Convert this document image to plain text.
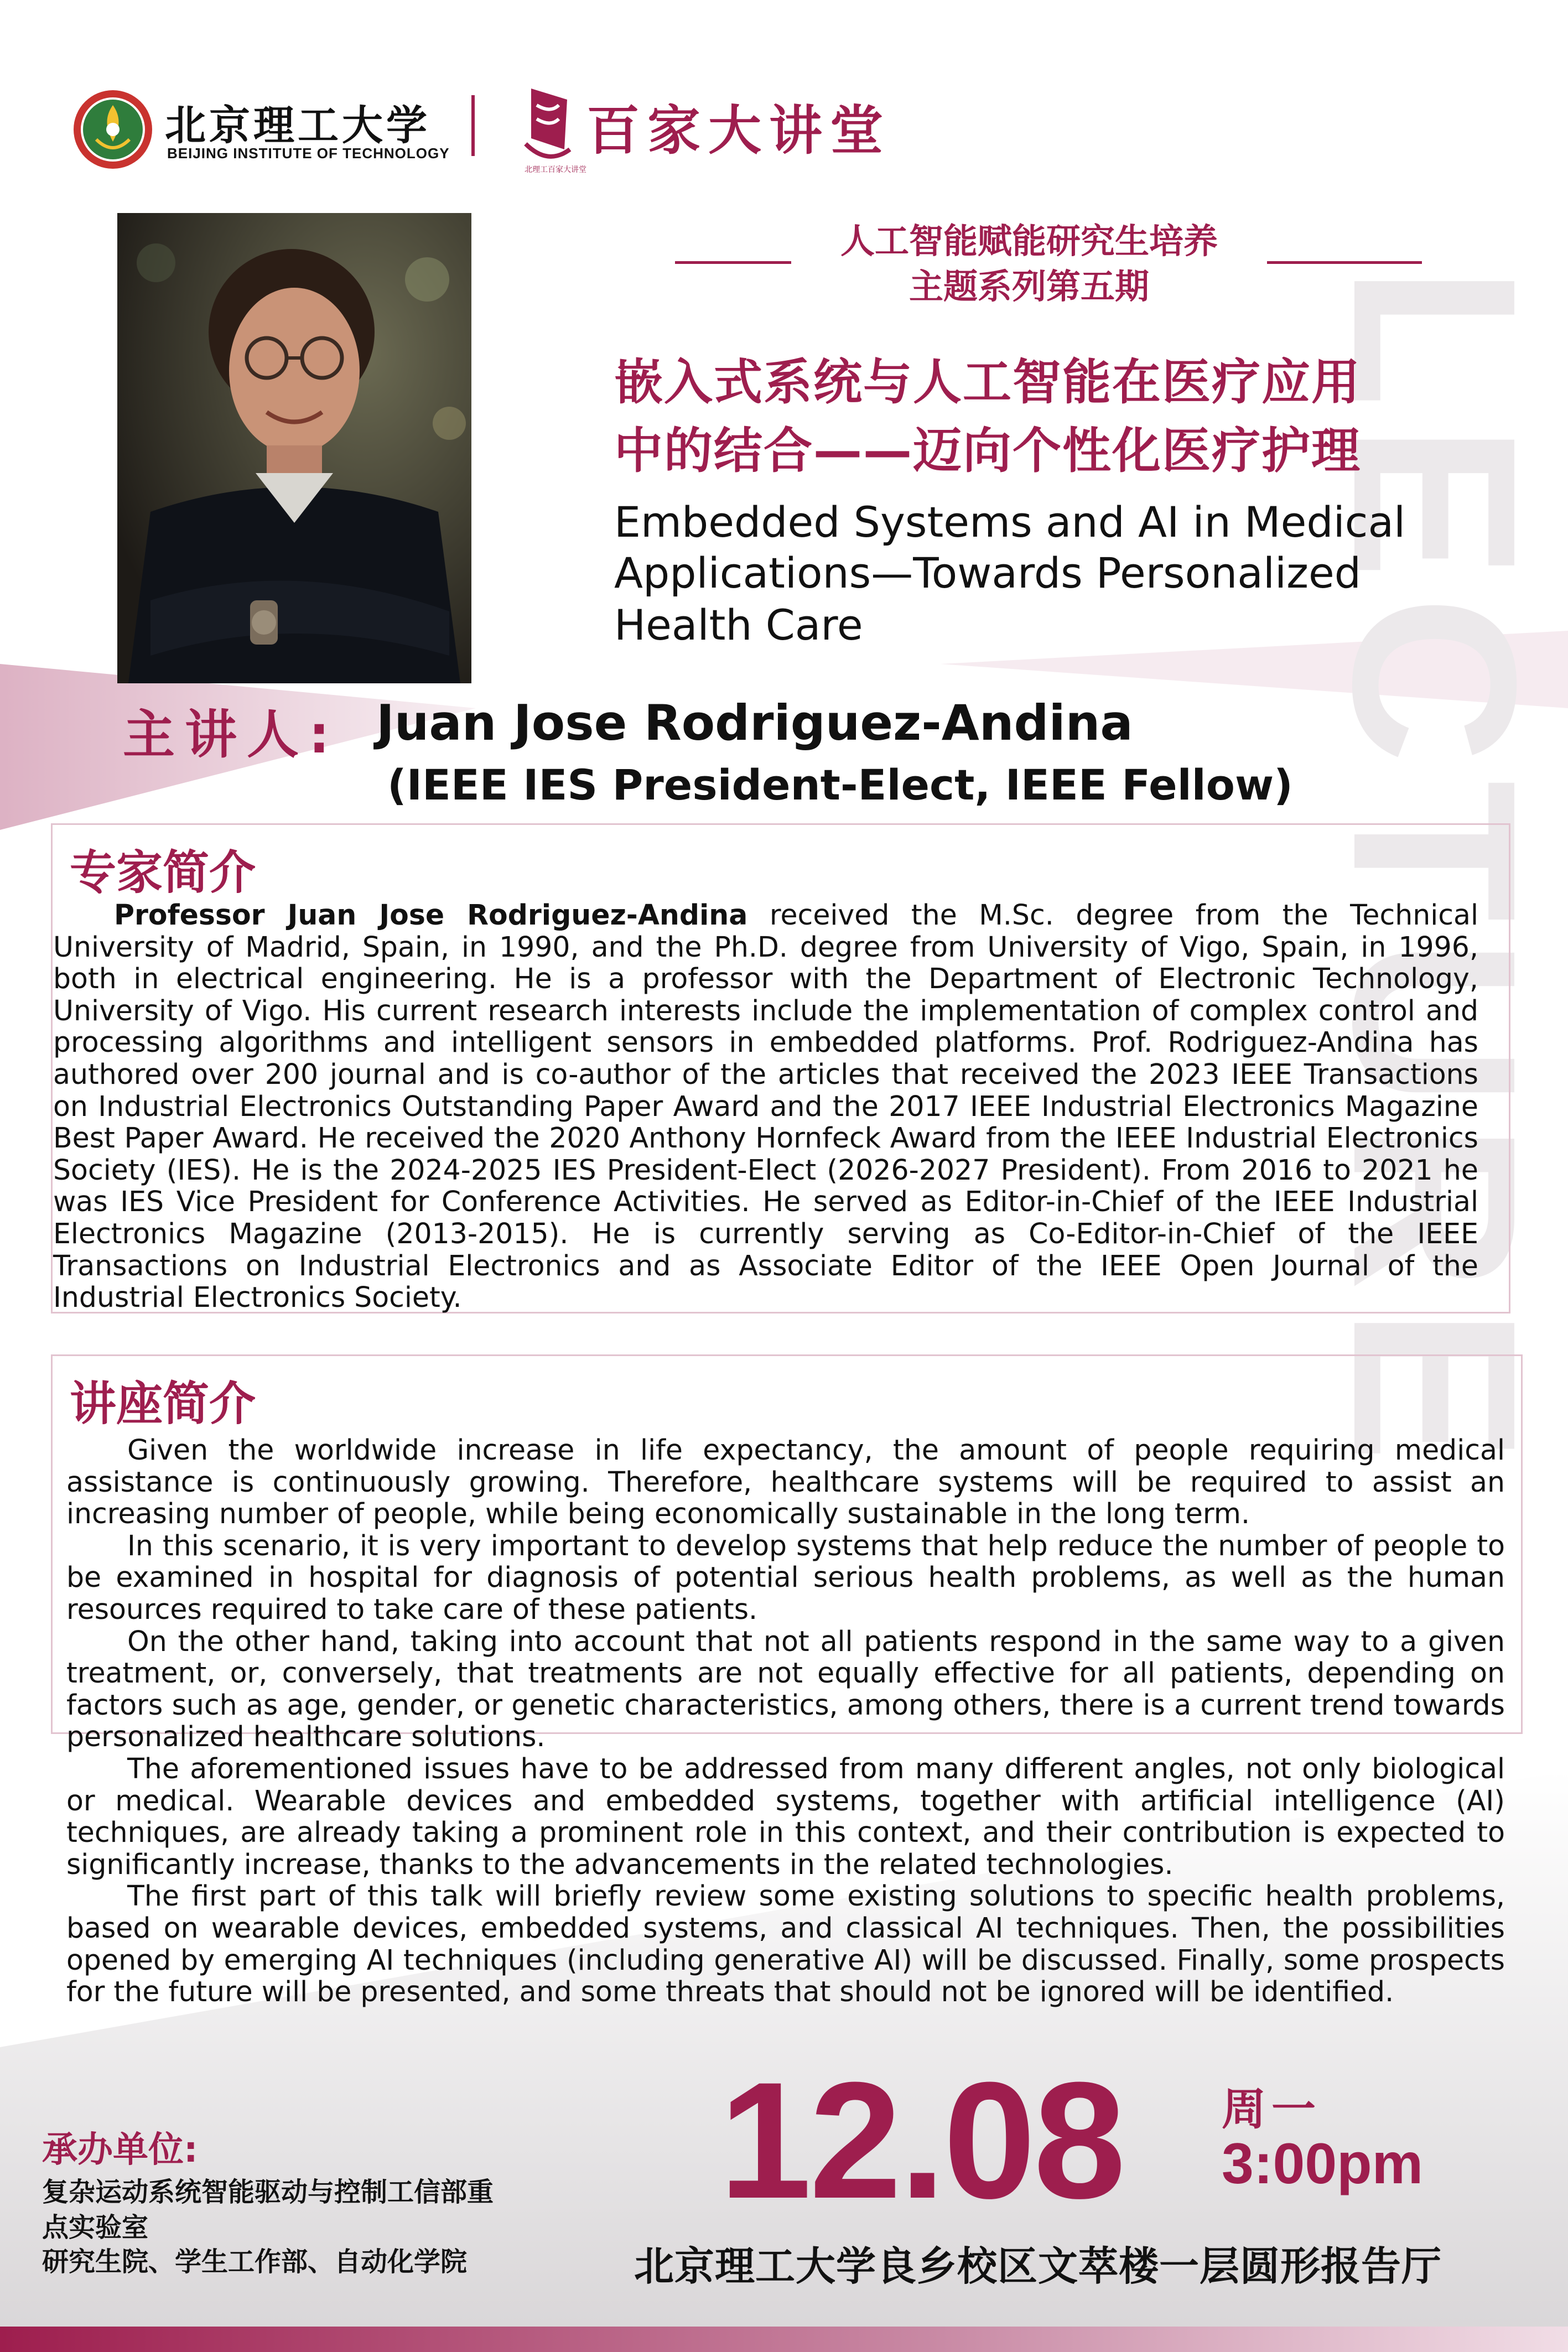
LECTURE
北京理工大学
BEIJING INSTITUTE OF TECHNOLOGY	百家大讲堂
北理工百家大讲堂
人工智能赋能研究生培养
主题系列第五期
嵌入式系统与人工智能在医疗应用
中的结合——迈向个性化医疗护理
Embedded Systems and AI in Medical
Applications—Towards Personalized
Health Care
主讲人: Juan Jose Rodriguez-Andina
(IEEE IES President-Elect, IEEE Fellow)
专家简介

Professor Juan Jose Rodriguez-Andina received the M.Sc. degree from the Technical University of Madrid, Spain, in 1990, and the Ph.D. degree from University of Vigo, Spain, in 1996, both in electrical engineering. He is a professor with the Department of Electronic Technology, University of Vigo. His current research interests include the implementation of complex control and processing algorithms and intelligent sensors in embedded platforms. Prof. Rodriguez-Andina has authored over 200 journal and is co-author of the articles that received the 2023 IEEE Transactions on Industrial Electronics Outstanding Paper Award and the 2017 IEEE Industrial Electronics Magazine Best Paper Award. He received the 2020 Anthony Hornfeck Award from the IEEE Industrial Electronics Society (IES). He is the 2024-2025 IES President-Elect (2026-2027 President). From 2016 to 2021 he was IES Vice President for Conference Activities. He served as Editor-in-Chief of the IEEE Industrial Electronics Magazine (2013-2015). He is currently serving as Co-Editor-in-Chief of the IEEE Transactions on Industrial Electronics and as Associate Editor of the IEEE Open Journal of the Industrial Electronics Society.

讲座简介

Given the worldwide increase in life expectancy, the amount of people requiring medical assistance is continuously growing. Therefore, healthcare systems will be required to assist an increasing number of people, while being economically sustainable in the long term.

In this scenario, it is very important to develop systems that help reduce the number of people to be examined in hospital for diagnosis of potential serious health problems, as well as the human resources required to take care of these patients.

On the other hand, taking into account that not all patients respond in the same way to a given treatment, or, conversely, that treatments are not equally effective for all patients, depending on factors such as age, gender, or genetic characteristics, among others, there is a current trend towards personalized healthcare solutions.

The aforementioned issues have to be addressed from many different angles, not only biological or medical. Wearable devices and embedded systems, together with artificial intelligence (AI) techniques, are already taking a prominent role in this context, and their contribution is expected to significantly increase, thanks to the advancements in the related technologies.

The first part of this talk will briefly review some existing solutions to specific health problems, based on wearable devices, embedded systems, and classical AI techniques. Then, the possibilities opened by emerging AI techniques (including generative AI) will be discussed. Finally, some prospects for the future will be presented, and some threats that should not be ignored will be identified.

承办单位:
复杂运动系统智能驱动与控制工信部重
点实验室
研究生院、学生工作部、自动化学院
12.08 周一
3:00pm
北京理工大学良乡校区文萃楼一层圆形报告厅
